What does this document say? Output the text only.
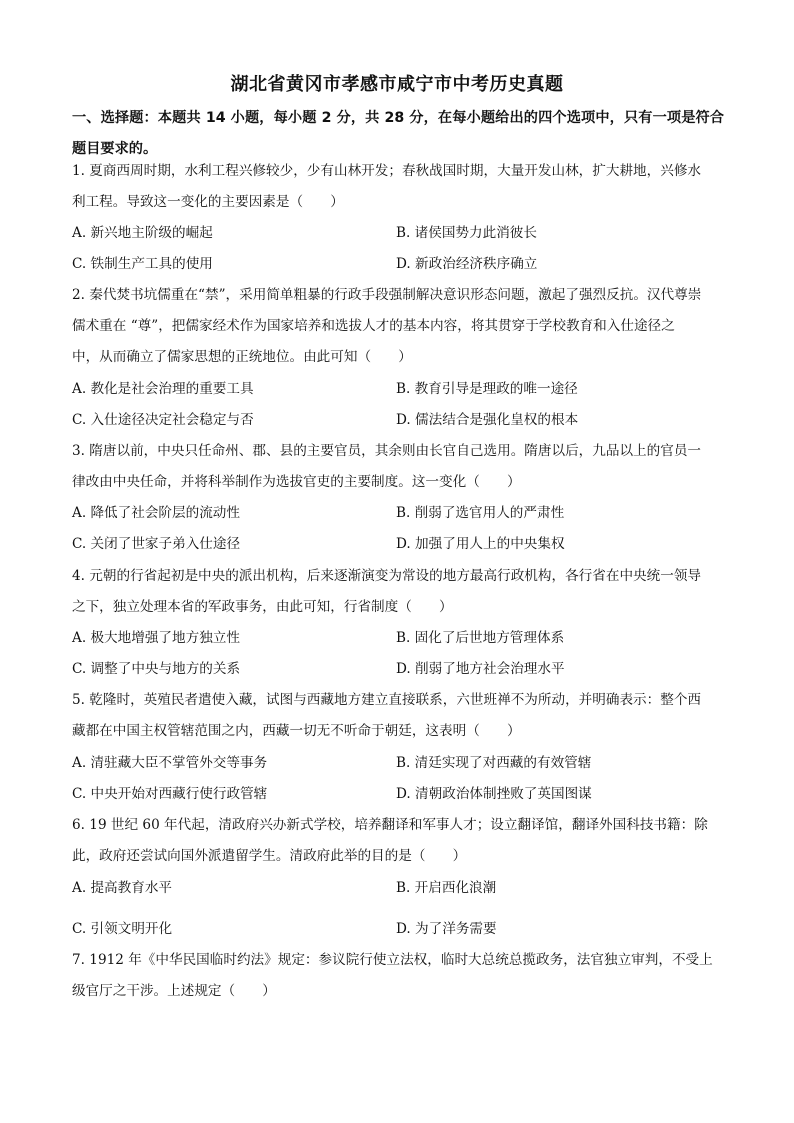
湖北省黄冈市孝感市咸宁市中考历史真题
一、选择题：本题共 14 小题，每小题 2 分，共 28 分，在每小题给出的四个选项中，只有一项是符合题目要求的。
1. 夏商西周时期，水利工程兴修较少，少有山林开发；春秋战国时期，大量开发山林，扩大耕地，兴修水
利工程。导致这一变化的主要因素是（　　）
A. 新兴地主阶级的崛起	B. 诸侯国势力此消彼长
C. 铁制生产工具的使用	D. 新政治经济秩序确立
2. 秦代焚书坑儒重在“禁”，采用简单粗暴的行政手段强制解决意识形态问题，激起了强烈反抗。汉代尊崇
儒术重在 “尊”，把儒家经术作为国家培养和选拔人才的基本内容，将其贯穿于学校教育和入仕途径之
中，从而确立了儒家思想的正统地位。由此可知（　　）
A. 教化是社会治理的重要工具	B. 教育引导是理政的唯一途径
C. 入仕途径决定社会稳定与否	D. 儒法结合是强化皇权的根本
3. 隋唐以前，中央只任命州、郡、县的主要官员，其余则由长官自己选用。隋唐以后，九品以上的官员一
律改由中央任命，并将科举制作为选拔官吏的主要制度。这一变化（　　）
A. 降低了社会阶层的流动性	B. 削弱了选官用人的严肃性
C. 关闭了世家子弟入仕途径	D. 加强了用人上的中央集权
4. 元朝的行省起初是中央的派出机构，后来逐渐演变为常设的地方最高行政机构，各行省在中央统一领导
之下，独立处理本省的军政事务，由此可知，行省制度（　　）
A. 极大地增强了地方独立性	B. 固化了后世地方管理体系
C. 调整了中央与地方的关系	D. 削弱了地方社会治理水平
5. 乾隆时，英殖民者遣使入藏，试图与西藏地方建立直接联系，六世班禅不为所动，并明确表示：整个西
藏都在中国主权管辖范围之内，西藏一切无不听命于朝廷，这表明（　　）
A. 清驻藏大臣不掌管外交等事务	B. 清廷实现了对西藏的有效管辖
C. 中央开始对西藏行使行政管辖	D. 清朝政治体制挫败了英国图谋
6. 19 世纪 60 年代起，清政府兴办新式学校，培养翻译和军事人才；设立翻译馆，翻译外国科技书籍：除
此，政府还尝试向国外派遣留学生。清政府此举的目的是（　　）
A. 提高教育水平	B. 开启西化浪潮
C. 引领文明开化	D. 为了洋务需要
7. 1912 年《中华民国临时约法》规定：参议院行使立法权，临时大总统总揽政务，法官独立审判，不受上
级官厅之干涉。上述规定（　　）
